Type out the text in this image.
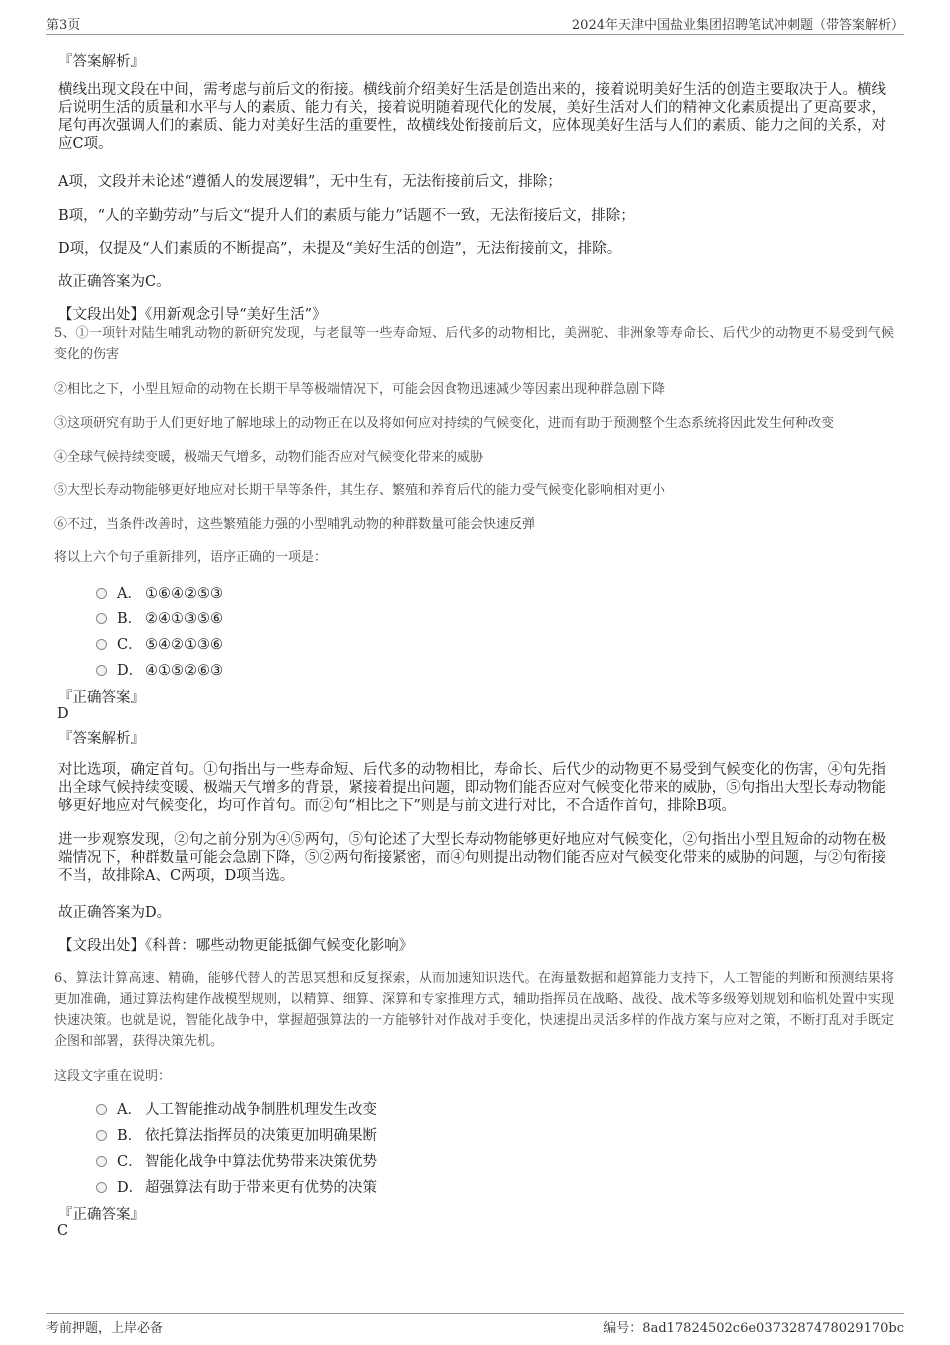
第3页	2024年天津中国盐业集团招聘笔试冲刺题（带答案解析）
『答案解析』
横线出现文段在中间，需考虑与前后文的衔接。横线前介绍美好生活是创造出来的，接着说明美好生活的创造主要取决于人。横线后说明生活的质量和水平与人的素质、能力有关，接着说明随着现代化的发展，美好生活对人们的精神文化素质提出了更高要求，尾句再次强调人们的素质、能力对美好生活的重要性，故横线处衔接前后文，应体现美好生活与人们的素质、能力之间的关系，对应C项。
A项，文段并未论述“遵循人的发展逻辑”，无中生有，无法衔接前后文，排除；
B项，“人的辛勤劳动”与后文“提升人们的素质与能力”话题不一致，无法衔接后文，排除；
D项，仅提及“人们素质的不断提高”，未提及“美好生活的创造”，无法衔接前文，排除。
故正确答案为C。
【文段出处】《用新观念引导“美好生活”》
5、①一项针对陆生哺乳动物的新研究发现，与老鼠等一些寿命短、后代多的动物相比，美洲驼、非洲象等寿命长、后代少的动物更不易受到气候变化的伤害
②相比之下，小型且短命的动物在长期干旱等极端情况下，可能会因食物迅速减少等因素出现种群急剧下降
③这项研究有助于人们更好地了解地球上的动物正在以及将如何应对持续的气候变化，进而有助于预测整个生态系统将因此发生何种改变
④全球气候持续变暖，极端天气增多，动物们能否应对气候变化带来的威胁
⑤大型长寿动物能够更好地应对长期干旱等条件，其生存、繁殖和养育后代的能力受气候变化影响相对更小
⑥不过，当条件改善时，这些繁殖能力强的小型哺乳动物的种群数量可能会快速反弹
将以上六个句子重新排列，语序正确的一项是：
A． ①⑥④②⑤③
B． ②④①③⑤⑥
C． ⑤④②①③⑥
D． ④①⑤②⑥③
『正确答案』
D
『答案解析』
对比选项，确定首句。①句指出与一些寿命短、后代多的动物相比，寿命长、后代少的动物更不易受到气候变化的伤害，④句先指出全球气候持续变暖、极端天气增多的背景，紧接着提出问题，即动物们能否应对气候变化带来的威胁，⑤句指出大型长寿动物能够更好地应对气候变化，均可作首句。而②句“相比之下”则是与前文进行对比，不合适作首句，排除B项。
进一步观察发现，②句之前分别为④⑤两句，⑤句论述了大型长寿动物能够更好地应对气候变化，②句指出小型且短命的动物在极端情况下，种群数量可能会急剧下降，⑤②两句衔接紧密，而④句则提出动物们能否应对气候变化带来的威胁的问题，与②句衔接不当，故排除A、C两项，D项当选。
故正确答案为D。
【文段出处】《科普：哪些动物更能抵御气候变化影响》
6、算法计算高速、精确，能够代替人的苦思冥想和反复探索，从而加速知识迭代。在海量数据和超算能力支持下，人工智能的判断和预测结果将更加准确，通过算法构建作战模型规则，以精算、细算、深算和专家推理方式，辅助指挥员在战略、战役、战术等多级筹划规划和临机处置中实现快速决策。也就是说，智能化战争中，掌握超强算法的一方能够针对作战对手变化，快速提出灵活多样的作战方案与应对之策，不断打乱对手既定企图和部署，获得决策先机。
这段文字重在说明：
A． 人工智能推动战争制胜机理发生改变
B． 依托算法指挥员的决策更加明确果断
C． 智能化战争中算法优势带来决策优势
D． 超强算法有助于带来更有优势的决策
『正确答案』
C
考前押题，上岸必备	编号：8ad17824502c6e0373287478029170bc
